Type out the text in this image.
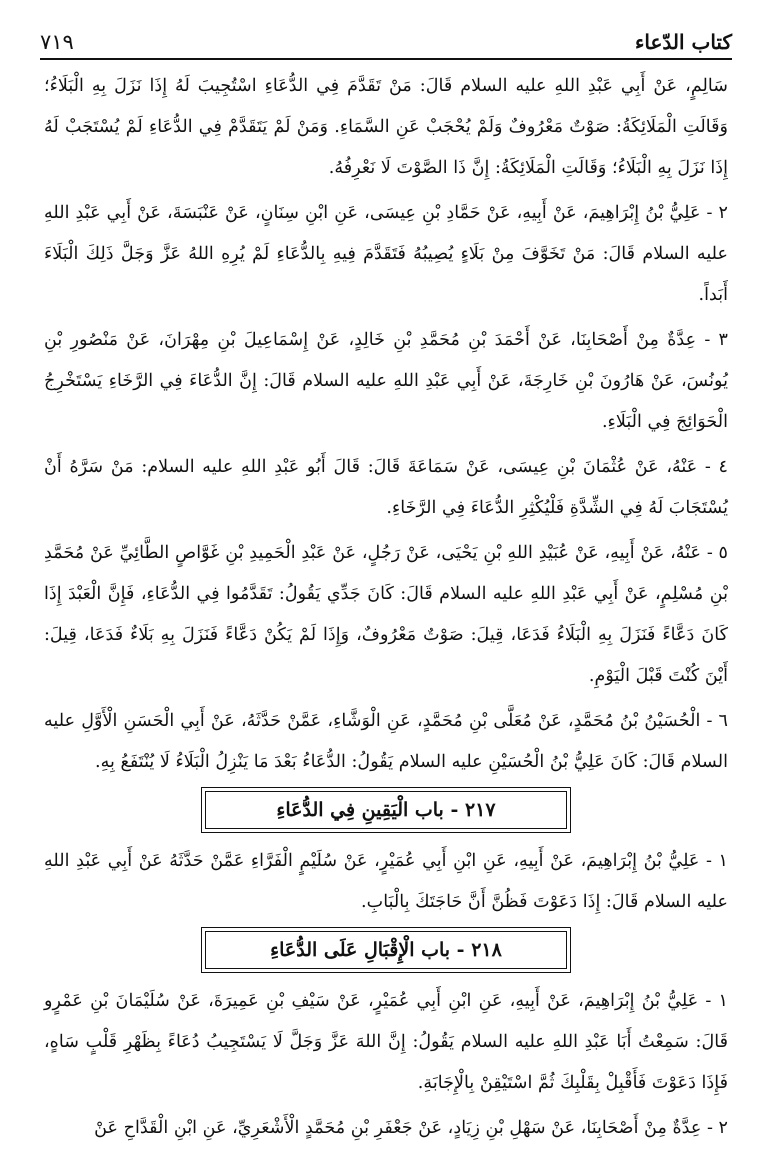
كتاب الدّعاء
٧١٩

سَالِمٍ، عَنْ أَبِي عَبْدِ اللهِ عليه السلام قَالَ: مَنْ تَقَدَّمَ فِي الدُّعَاءِ اسْتُجِيبَ لَهُ إِذَا نَزَلَ بِهِ الْبَلَاءُ؛ وَقَالَتِ الْمَلَائِكَةُ: صَوْتٌ مَعْرُوفٌ وَلَمْ يُحْجَبْ عَنِ السَّمَاءِ. وَمَنْ لَمْ يَتَقَدَّمْ فِي الدُّعَاءِ لَمْ يُسْتَجَبْ لَهُ إِذَا نَزَلَ بِهِ الْبَلَاءُ؛ وَقَالَتِ الْمَلَائِكَةُ: إِنَّ ذَا الصَّوْتَ لَا نَعْرِفُهُ.

٢ - عَلِيُّ بْنُ إِبْرَاهِيمَ، عَنْ أَبِيهِ، عَنْ حَمَّادِ بْنِ عِيسَى، عَنِ ابْنِ سِنَانٍ، عَنْ عَنْبَسَةَ، عَنْ أَبِي عَبْدِ اللهِ عليه السلام قَالَ: مَنْ تَخَوَّفَ مِنْ بَلَاءٍ يُصِيبُهُ فَتَقَدَّمَ فِيهِ بِالدُّعَاءِ لَمْ يُرِهِ اللهُ عَزَّ وَجَلَّ ذَلِكَ الْبَلَاءَ أَبَداً.

٣ - عِدَّةٌ مِنْ أَصْحَابِنَا، عَنْ أَحْمَدَ بْنِ مُحَمَّدِ بْنِ خَالِدٍ، عَنْ إِسْمَاعِيلَ بْنِ مِهْرَانَ، عَنْ مَنْصُورِ بْنِ يُونُسَ، عَنْ هَارُونَ بْنِ خَارِجَةَ، عَنْ أَبِي عَبْدِ اللهِ عليه السلام قَالَ: إِنَّ الدُّعَاءَ فِي الرَّخَاءِ يَسْتَخْرِجُ الْحَوَائِجَ فِي الْبَلَاءِ.

٤ - عَنْهُ، عَنْ عُثْمَانَ بْنِ عِيسَى، عَنْ سَمَاعَةَ قَالَ: قَالَ أَبُو عَبْدِ اللهِ عليه السلام: مَنْ سَرَّهُ أَنْ يُسْتَجَابَ لَهُ فِي الشِّدَّةِ فَلْيُكْثِرِ الدُّعَاءَ فِي الرَّخَاءِ.

٥ - عَنْهُ، عَنْ أَبِيهِ، عَنْ عُبَيْدِ اللهِ بْنِ يَحْيَى، عَنْ رَجُلٍ، عَنْ عَبْدِ الْحَمِيدِ بْنِ غَوَّاصٍ الطَّائِيِّ عَنْ مُحَمَّدِ بْنِ مُسْلِمٍ، عَنْ أَبِي عَبْدِ اللهِ عليه السلام قَالَ: كَانَ جَدِّي يَقُولُ: تَقَدَّمُوا فِي الدُّعَاءِ، فَإِنَّ الْعَبْدَ إِذَا كَانَ دَعَّاءً فَنَزَلَ بِهِ الْبَلَاءُ فَدَعَا، قِيلَ: صَوْتٌ مَعْرُوفٌ، وَإِذَا لَمْ يَكُنْ دَعَّاءً فَنَزَلَ بِهِ بَلَاءٌ فَدَعَا، قِيلَ: أَيْنَ كُنْتَ قَبْلَ الْيَوْمِ.

٦ - الْحُسَيْنُ بْنُ مُحَمَّدٍ، عَنْ مُعَلَّى بْنِ مُحَمَّدٍ، عَنِ الْوَشَّاءِ، عَمَّنْ حَدَّثَهُ، عَنْ أَبِي الْحَسَنِ الْأَوَّلِ عليه السلام قَالَ: كَانَ عَلِيُّ بْنُ الْحُسَيْنِ عليه السلام يَقُولُ: الدُّعَاءُ بَعْدَ مَا يَنْزِلُ الْبَلَاءُ لَا يُنْتَفَعُ بِهِ.

٢١٧ - باب الْيَقِينِ فِي الدُّعَاءِ

١ - عَلِيُّ بْنُ إِبْرَاهِيمَ، عَنْ أَبِيهِ، عَنِ ابْنِ أَبِي عُمَيْرٍ، عَنْ سُلَيْمٍ الْفَرَّاءِ عَمَّنْ حَدَّثَهُ عَنْ أَبِي عَبْدِ اللهِ عليه السلام قَالَ: إِذَا دَعَوْتَ فَظُنَّ أَنَّ حَاجَتَكَ بِالْبَابِ.

٢١٨ - باب الْإِقْبَالِ عَلَى الدُّعَاءِ

١ - عَلِيُّ بْنُ إِبْرَاهِيمَ، عَنْ أَبِيهِ، عَنِ ابْنِ أَبِي عُمَيْرٍ، عَنْ سَيْفِ بْنِ عَمِيرَةَ، عَنْ سُلَيْمَانَ بْنِ عَمْرٍو قَالَ: سَمِعْتُ أَبَا عَبْدِ اللهِ عليه السلام يَقُولُ: إِنَّ اللهَ عَزَّ وَجَلَّ لَا يَسْتَجِيبُ دُعَاءً بِظَهْرِ قَلْبٍ سَاهٍ، فَإِذَا دَعَوْتَ فَأَقْبِلْ بِقَلْبِكَ ثُمَّ اسْتَيْقِنْ بِالْإِجَابَةِ.

٢ - عِدَّةٌ مِنْ أَصْحَابِنَا، عَنْ سَهْلِ بْنِ زِيَادٍ، عَنْ جَعْفَرِ بْنِ مُحَمَّدٍ الْأَشْعَرِيِّ، عَنِ ابْنِ الْقَدَّاحِ عَنْ
